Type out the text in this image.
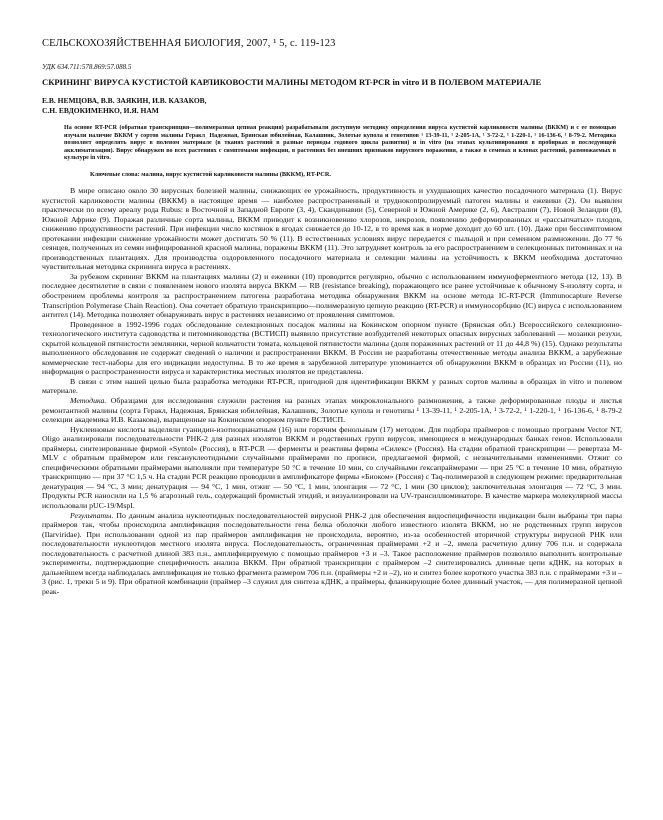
СЕЛЬСКОХОЗЯЙСТВЕННАЯ БИОЛОГИЯ, 2007, ¹ 5, с. 119-123
УДК 634.711:578.869:57.088.5
СКРИНИНГ ВИРУСА КУСТИСТОЙ КАРЛИКОВОСТИ МАЛИНЫ МЕТОДОМ RT-PCR in vitro И В ПОЛЕВОМ МАТЕРИАЛЕ
Е.В. НЕМЦОВА, В.В. ЗАЯКИН, И.В. КАЗАКОВ,
С.Н. ЕВДОКИМЕНКО, И.Я. НАМ
На основе RT-PCR (обратная транскрипция—полимеразная цепная реакция) разрабатывали доступную методику определения вируса кустистой карликовости малины (ВККМ) и с ее помощью изучали наличие ВККМ у сортов малины Гераклˌ Надежная, Брянская юбилейная, Калашник, Золотые купола и генотипов ¹ 13-39-11, ¹ 2-205-1А, ¹ 3-72-2, ¹ 1-220-1, ¹ 16-136-6, ¹ 8-79-2. Методика позволяет определять вирус в полевом материале (в тканях растений в разные периоды годового цикла развития) и in vitro (на этапах культивирования в пробирках и последующей акклиматизации). Вирус обнаружен во всех растениях с симптомами инфекции, в растениях без внешних признаков вирусного поражения, а также в семенах и клонах растений, размножаемых в культуре in vitro.
Ключевые слова: малина, вирус кустистой карликовости малины (ВККМ), RT-PCR.

В мире описано около 30 вирусных болезней малины, снижающих ее урожайность, продуктивность и ухудшающих качество посадочного материала (1). Вирус кустистой карликовости малины (ВККМ) в настоящее время — наиболее распространенный и труднокontролируемый патоген малины и ежевики (2). Он выявлен практически по всему ареалу рода Rubus: в Восточной и Западной Европе (3, 4), Скандинавии (5), Северной и Южной Америке (2, 6), Австралии (7), Новой Зеландии (8), Южной Африке (9). Поражая различные сорта малины, ВККМ приводит к возникновению хлорозов, некрозов, появлению деформированных и «рассыпчатых» плодов, снижению продуктивности растений. При инфекции число костянок в ягодах снижается до 10-12, в то время как в норме доходит до 60 шт. (10). Даже при бессимптомном протекании инфекции снижение урожайности может достигать 50 % (11). В естественных условиях вирус передается с пыльцой и при семенном размножении. До 77 % сеянцев, полученных из семян инфицированной красной малины, поражены ВККМ (11). Это затрудняет контроль за его распространением в селекционных питомниках и на производственных плантациях. Для производства оздоровленного посадочного материала и селекции малины на устойчивость к ВККМ необходима достаточно чувствительная методика скрининга вируса в растениях.

За рубежом скрининг ВККМ на плантациях малины (2) и ежевики (10) проводится регулярно, обычно с использованием иммуноферментного метода (12, 13). В последнее десятилетие в связи с появлением нового изолята вируса ВККМ — RB (resistance breaking), поражающего все ранее устойчивые к обычному S-изоляту сорта, и обострением проблемы контроля за распространением патогена разработана методика обнаружения ВККМ на основе метода IC-RT-PCR (Immunocapture Reverse Transcription Polymerase Chain Reaction). Она сочетает обратную транскрипцию—полимеразную цепную реакцию (RT-PCR) и иммуносорбцию (IC) вируса с использованием антител (14). Методика позволяет обнаруживать вирус в растениях независимо от проявления симптомов.

Проведенное в 1992-1996 годах обследование селекционных посадок малины на Кокинском опорном пункте (Брянская обл.) Всероссийского селекционно-технологического института садоводства и питомниководства (ВСТИСП) выявило присутствие возбудителей некоторых опасных вирусных заболеваний — мозаики резухи, скрытой кольцевой пятнистости земляники, черной кольчатости томата, кольцевой пятнистости малины (доля пораженных растений от 11 до 44,8 %) (15). Однако результаты выполненного обследования не содержат сведений о наличии и распространении ВККМ. В России не разработаны отечественные методы анализа ВККМ, а зарубежные коммерческие тест-наборы для его индикации недоступны. В то же время в зарубежной литературе упоминается об обнаружении ВККМ в образцах из России (11), но информация о распространенности вируса и характеристика местных изолятов не представлена.

В связи с этим нашей целью была разработка методики RT-PCR, пригодной для идентификации ВККМ у разных сортов малины в образцах in vitro и полевом материале.

Методика. Образцами для исследования служили растения на разных этапах микроклонального размножения, а также деформированные плоды и листья ремонтантной малины (сорта Геракл, Надежная, Брянская юбилейная, Калашник, Золотые купола и генотипы ¹ 13-39-11, ¹ 2-205-1А, ¹ 3-72-2, ¹ 1-220-1, ¹ 16-136-6, ¹ 8-79-2 селекции академика И.В. Казакова), выращенные на Кокинском опорном пункте ВСТИСП.

Нуклеиновые кислоты выделяли гуанидин-изотиоцианатным (16) или горячим фенольным (17) методом. Для подбора праймеров с помощью программ Vector NT, Oligo анализировали последовательности РНК-2 для разных изолятов ВККМ и родственных групп вирусов, имеющиеся в международных банках генов. Использовали праймеры, синтезированные фирмой «Syntol» (Россия), в RT-PCR — ферменты и реактивы фирмы «Силекс» (Россия). На стадии обратной транскрипции — ревертаза M-MLV с обратным праймером или гексануклеотидными случайными праймерами по прописи, предлагаемой фирмой, с незначительными изменениями. Отжиг со специфическими обратными праймерами выполняли при температуре 50 °С в течение 10 мин, со случайными гексапраймерами — при 25 °С в течение 10 мин, обратную транскрипцию — при 37 °С 1,5 ч. На стадии PCR реакцию проводили в амплификаторе фирмы «Биоком» (Россия) с Taq-полимеразой в следующем режиме: предварительная денатурация — 94 °С, 3 мин; денатурация — 94 °С, 1 мин, отжиг — 50 °С, 1 мин, элонгация — 72 °С, 1 мин (30 циклов); заключительная элонгация — 72 °С, 3 мин. Продукты PCR наносили на 1,5 % агарозный гель, содержащий бромистый этидий, и визуализировали на UV-трансиллюминаторе. В качестве маркера молекулярной массы использовали pUC-19/MspI.

Результаты. По данным анализа нуклеотидных последовательностей вирусной РНК-2 для обеспечения видоспецифичности индикации были выбраны три пары праймеров так, чтобы происходила амплификация последовательности гена белка оболочки любого известного изолята ВККМ, но не родственных групп вирусов (Ilarviridae). При использовании одной из пар праймеров амплификация не происходила, вероятно, из-за особенностей вторичной структуры вирусной РНК или последовательности нуклеотидов местного изолята вируса. Последовательность, ограниченная праймерами +2 и –2, имела расчетную длину 706 п.н. и содержала последовательность с расчетной длиной 383 п.н., амплифицируемую с помощью праймеров +3 и –3. Такое расположение праймеров позволяло выполнить контрольные эксперименты, подтверждающие специфичность анализа ВККМ. При обратной транскрипции с праймером –2 синтезировались длинные цепи кДНК, на которых в дальнейшем всегда наблюдалась амплификация не только фрагмента размером 706 п.н. (праймеры +2 и –2), но и синтез более короткого участка 383 п.н. с праймерами +3 и –3 (рис. 1, треки 5 и 9). При обратной комбинации (праймер –3 служил для синтеза кДНК, а праймеры, фланкирующие более длинный участок, — для полимеразной цепной реак-
